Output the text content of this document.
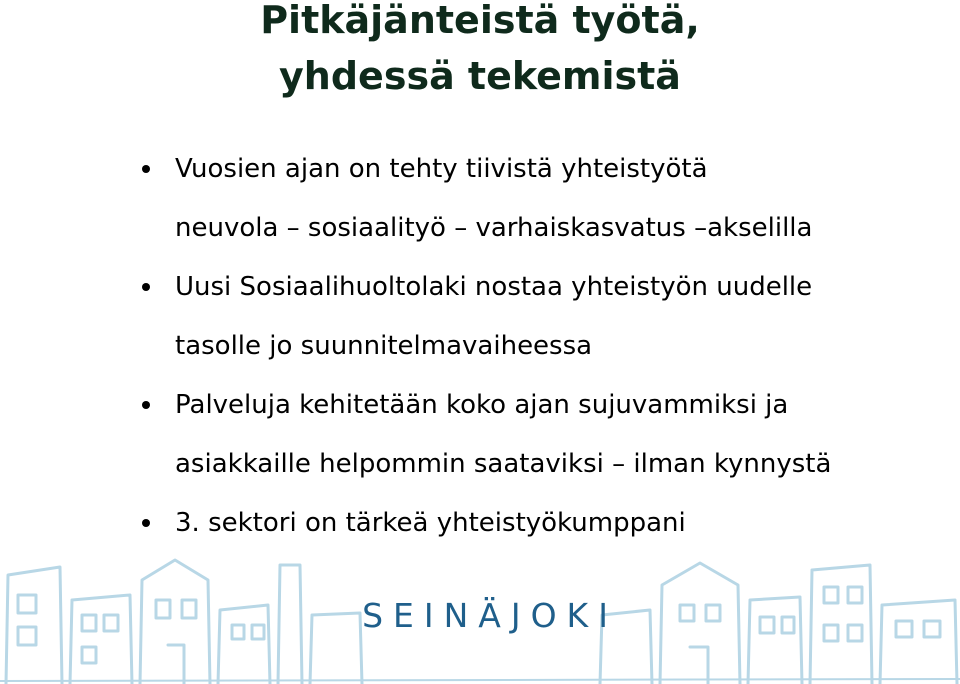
Pitkäjänteistä työtä,
yhdessä tekemistä
Vuosien ajan on tehty tiivistä yhteistyötä
neuvola – sosiaalityö – varhaiskasvatus –akselilla
Uusi Sosiaalihuoltolaki nostaa yhteistyön uudelle
tasolle jo suunnitelmavaiheessa
Palveluja kehitetään koko ajan sujuvammiksi ja
asiakkaille helpommin saataviksi – ilman kynnystä
3. sektori on tärkeä yhteistyökumppani
SEINÄJOKI
